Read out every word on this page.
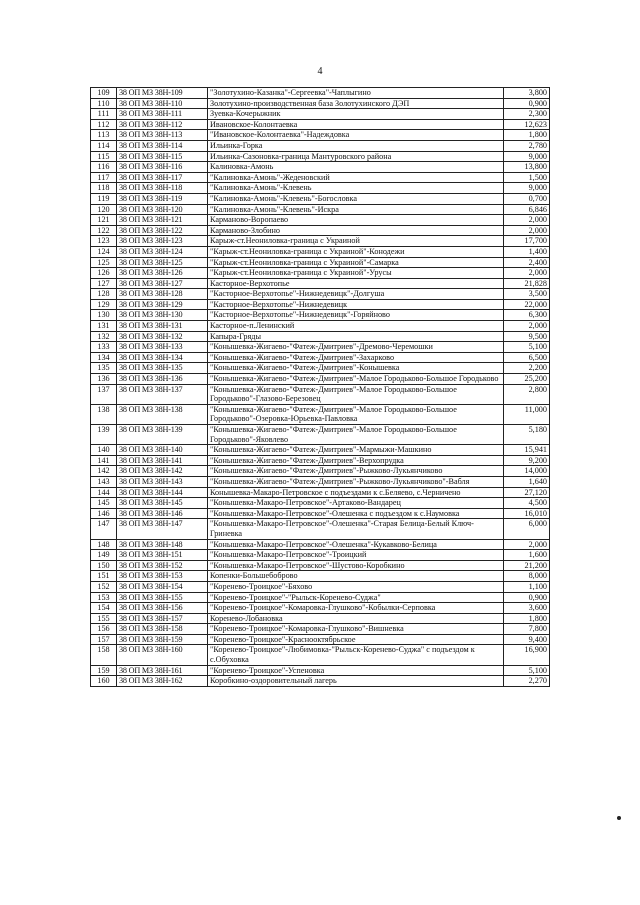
4
109	38 ОП МЗ 38Н-109	"Золотухино-Казанка"-Сергеевка"-Чаплыгино	3,800
110	38 ОП МЗ 38Н-110	Золотухино-производственная база Золотухинского ДЭП	0,900
111	38 ОП МЗ 38Н-111	Зуевка-Кочерыжник	2,300
112	38 ОП МЗ 38Н-112	Ивановское-Колонтаевка	12,623
113	38 ОП МЗ 38Н-113	"Ивановское-Колонтаевка"-Надеждовка	1,800
114	38 ОП МЗ 38Н-114	Ильинка-Горка	2,780
115	38 ОП МЗ 38Н-115	Ильинка-Сазоновка-граница Мантуровского района	9,000
116	38 ОП МЗ 38Н-116	Калиновка-Амонь	13,800
117	38 ОП МЗ 38Н-117	"Калиновка-Амонь"-Жеденовский	1,500
118	38 ОП МЗ 38Н-118	"Калиновка-Амонь"-Клевень	9,000
119	38 ОП МЗ 38Н-119	"Калиновка-Амонь"-Клевень"-Богословка	0,700
120	38 ОП МЗ 38Н-120	"Калиновка-Амонь"-Клевень"-Искра	6,846
121	38 ОП МЗ 38Н-121	Карманово-Воропаево	2,000
122	38 ОП МЗ 38Н-122	Карманово-Злобино	2,000
123	38 ОП МЗ 38Н-123	Карыж-ст.Неониловка-граница с Украиной	17,700
124	38 ОП МЗ 38Н-124	"Карыж-ст.Неониловка-граница с Украиной"-Конодежи	1,400
125	38 ОП МЗ 38Н-125	"Карыж-ст.Неониловка-граница с Украиной"-Самарка	2,400
126	38 ОП МЗ 38Н-126	"Карыж-ст.Неониловка-граница с Украиной"-Урусы	2,000
127	38 ОП МЗ 38Н-127	Касторное-Верхотопье	21,828
128	38 ОП МЗ 38Н-128	"Касторное-Верхотопье"-Нижнедевицк"-Долгуша	3,500
129	38 ОП МЗ 38Н-129	"Касторное-Верхотопье"-Нижнедевицк	22,000
130	38 ОП МЗ 38Н-130	"Касторное-Верхотопье"-Нижнедевицк"-Горяйново	6,300
131	38 ОП МЗ 38Н-131	Касторное-п.Ленинский	2,000
132	38 ОП МЗ 38Н-132	Капыра-Гряды	9,500
133	38 ОП МЗ 38Н-133	"Конышевка-Жигаево-"Фатеж-Дмитриев"-Дремово-Черемошки	5,100
134	38 ОП МЗ 38Н-134	"Конышевка-Жигаево-"Фатеж-Дмитриев"-Захарково	6,500
135	38 ОП МЗ 38Н-135	"Конышевка-Жигаево-"Фатеж-Дмитриев"-Конышевка	2,200
136	38 ОП МЗ 38Н-136	"Конышевка-Жигаево-"Фатеж-Дмитриев"-Малое Городьково-Большое Городьково	25,200
137	38 ОП МЗ 38Н-137	"Конышевка-Жигаево-"Фатеж-Дмитриев"-Малое Городьково-Большое Городьково"-Глазово-Березовец	2,800
138	38 ОП МЗ 38Н-138	"Конышевка-Жигаево-"Фатеж-Дмитриев"-Малое Городьково-Большое Городьково"-Озеровка-Юрьевка-Павловка	11,000
139	38 ОП МЗ 38Н-139	"Конышевка-Жигаево-"Фатеж-Дмитриев"-Малое Городьково-Большое Городьково"-Яковлево	5,180
140	38 ОП МЗ 38Н-140	"Конышевка-Жигаево-"Фатеж-Дмитриев"-Мармыжи-Машкино	15,941
141	38 ОП МЗ 38Н-141	"Конышевка-Жигаево-"Фатеж-Дмитриев"-Верхопрудка	9,200
142	38 ОП МЗ 38Н-142	"Конышевка-Жигаево-"Фатеж-Дмитриев"-Рыжково-Лукьянчиково	14,000
143	38 ОП МЗ 38Н-143	"Конышевка-Жигаево-"Фатеж-Дмитриев"-Рыжково-Лукьянчиково"-Вабля	1,640
144	38 ОП МЗ 38Н-144	Конышевка-Макаро-Петровское с подъездами к с.Беляево, с.Черничено	27,120
145	38 ОП МЗ 38Н-145	"Конышевка-Макаро-Петровское"-Артаково-Вандарец	4,500
146	38 ОП МЗ 38Н-146	"Конышевка-Макаро-Петровское"-Олешенка с подъездом к с.Наумовка	16,010
147	38 ОП МЗ 38Н-147	"Конышевка-Макаро-Петровское"-Олешенка"-Старая Белица-Белый Ключ-Гриневка	6,000
148	38 ОП МЗ 38Н-148	"Конышевка-Макаро-Петровское"-Олешенка"-Кукавково-Белица	2,000
149	38 ОП МЗ 38Н-151	"Конышевка-Макаро-Петровское"-Троицкий	1,600
150	38 ОП МЗ 38Н-152	"Конышевка-Макаро-Петровское"-Шустово-Коробкино	21,200
151	38 ОП МЗ 38Н-153	Копенки-Большебоброво	8,000
152	38 ОП МЗ 38Н-154	"Коренево-Троицкое"-Бяхово	1,100
153	38 ОП МЗ 38Н-155	"Коренево-Троицкое"-"Рыльск-Коренево-Суджа"	0,900
154	38 ОП МЗ 38Н-156	"Коренево-Троицкое"-Комаровка-Глушково"-Кобылки-Серповка	3,600
155	38 ОП МЗ 38Н-157	Коренево-Лобановка	1,800
156	38 ОП МЗ 38Н-158	"Коренево-Троицкое"-Комаровка-Глушково"-Вишневка	7,800
157	38 ОП МЗ 38Н-159	"Коренево-Троицкое"-Краснооктябрьское	9,400
158	38 ОП МЗ 38Н-160	"Коренево-Троицкое"-Любимовка-"Рыльск-Коренево-Суджа" с подъездом к с.Обуховка	16,900
159	38 ОП МЗ 38Н-161	"Коренево-Троицкое"-Успеновка	5,100
160	38 ОП МЗ 38Н-162	Коробкино-оздоровительный лагерь	2,270
